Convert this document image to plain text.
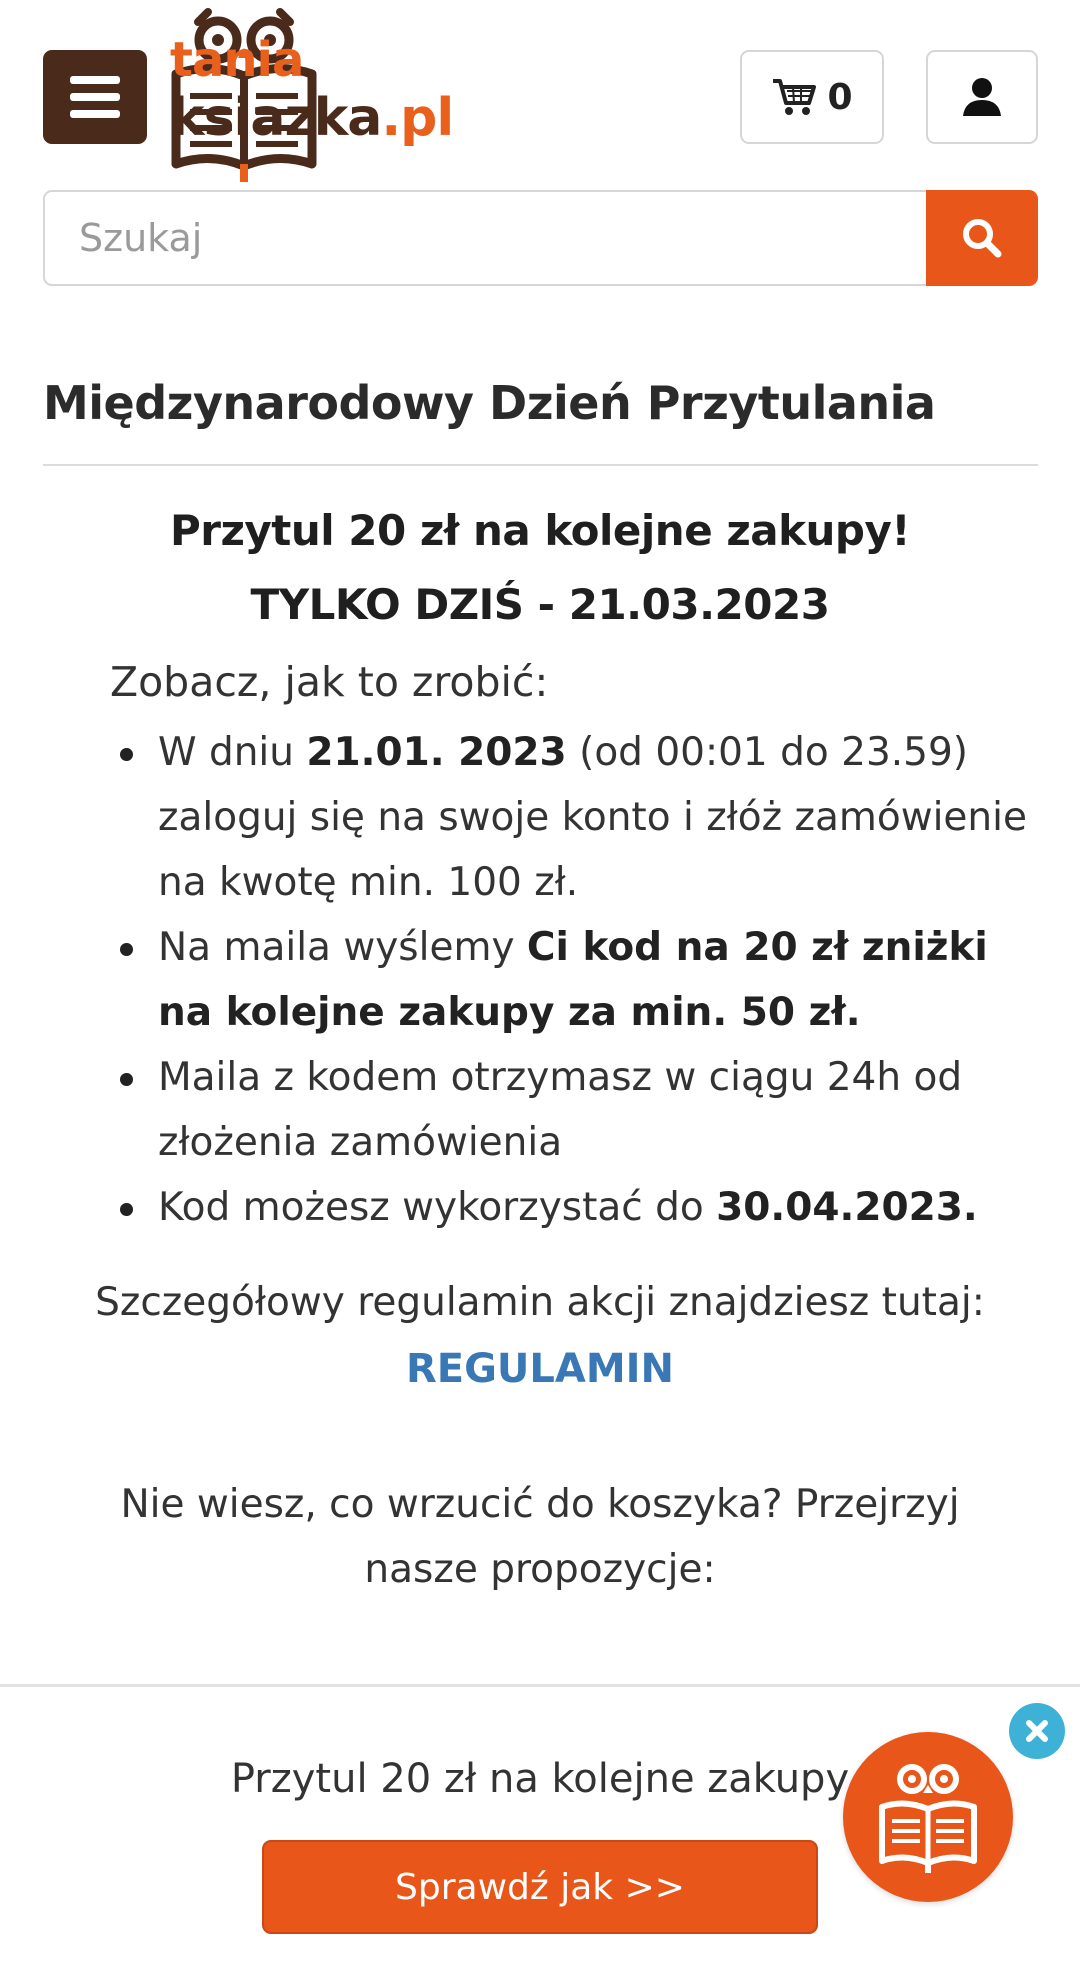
tania
ksiazka.pl	0
Szukaj
Międzynarodowy Dzień Przytulania
Przytul 20 zł na kolejne zakupy!
TYLKO DZIŚ - 21.03.2023
Zobacz, jak to zrobić:
W dniu 21.01. 2023 (od 00:01 do 23.59) zaloguj się na swoje konto i złóż zamówienie na kwotę min. 100 zł.
Na maila wyślemy Ci kod na 20 zł zniżki na kolejne zakupy za min. 50 zł.
Maila z kodem otrzymasz w ciągu 24h od złożenia zamówienia
Kod możesz wykorzystać do 30.04.2023.
Szczegółowy regulamin akcji znajdziesz tutaj:
REGULAMIN
Nie wiesz, co wrzucić do koszyka? Przejrzyj nasze propozycje:
Przytul 20 zł na kolejne zakupy
Sprawdź jak >>
